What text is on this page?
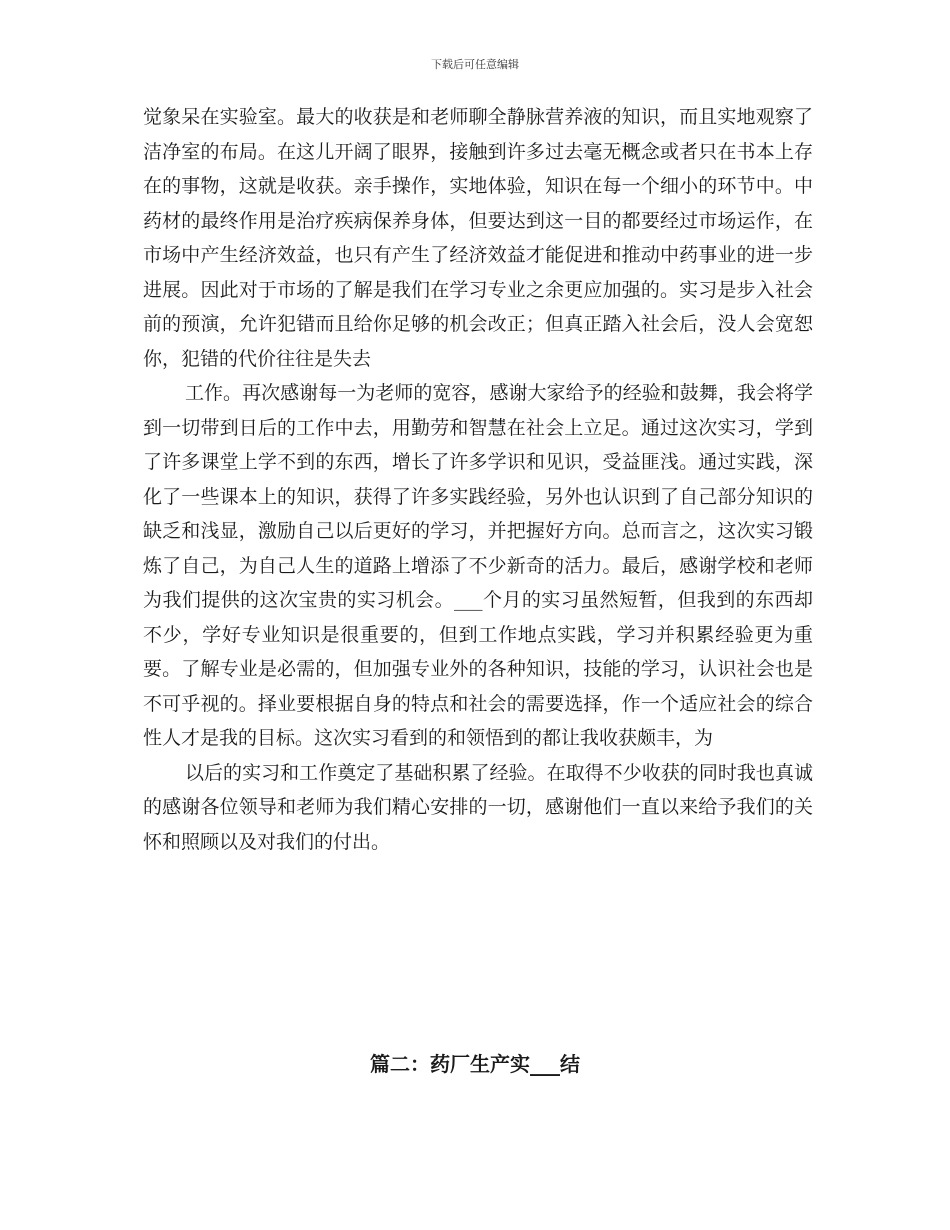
下载后可任意编辑

觉象呆在实验室。最大的收获是和老师聊全静脉营养液的知识，而且实地观察了洁净室的布局。在这儿开阔了眼界，接触到许多过去毫无概念或者只在书本上存在的事物，这就是收获。亲手操作，实地体验，知识在每一个细小的环节中。中药材的最终作用是治疗疾病保养身体，但要达到这一目的都要经过市场运作，在市场中产生经济效益，也只有产生了经济效益才能促进和推动中药事业的进一步进展。因此对于市场的了解是我们在学习专业之余更应加强的。实习是步入社会前的预演，允许犯错而且给你足够的机会改正；但真正踏入社会后，没人会宽恕你，犯错的代价往往是失去

工作。再次感谢每一为老师的宽容，感谢大家给予的经验和鼓舞，我会将学到一切带到日后的工作中去，用勤劳和智慧在社会上立足。通过这次实习，学到了许多课堂上学不到的东西，增长了许多学识和见识，受益匪浅。通过实践，深化了一些课本上的知识，获得了许多实践经验，另外也认识到了自己部分知识的缺乏和浅显，激励自己以后更好的学习，并把握好方向。总而言之，这次实习锻炼了自己，为自己人生的道路上增添了不少新奇的活力。最后，感谢学校和老师为我们提供的这次宝贵的实习机会。___个月的实习虽然短暂，但我到的东西却不少，学好专业知识是很重要的，但到工作地点实践，学习并积累经验更为重要。了解专业是必需的，但加强专业外的各种知识，技能的学习，认识社会也是不可乎视的。择业要根据自身的特点和社会的需要选择，作一个适应社会的综合性人才是我的目标。这次实习看到的和领悟到的都让我收获颇丰，为

以后的实习和工作奠定了基础积累了经验。在取得不少收获的同时我也真诚的感谢各位领导和老师为我们精心安排的一切，感谢他们一直以来给予我们的关怀和照顾以及对我们的付出。

篇二：药厂生产实___结
